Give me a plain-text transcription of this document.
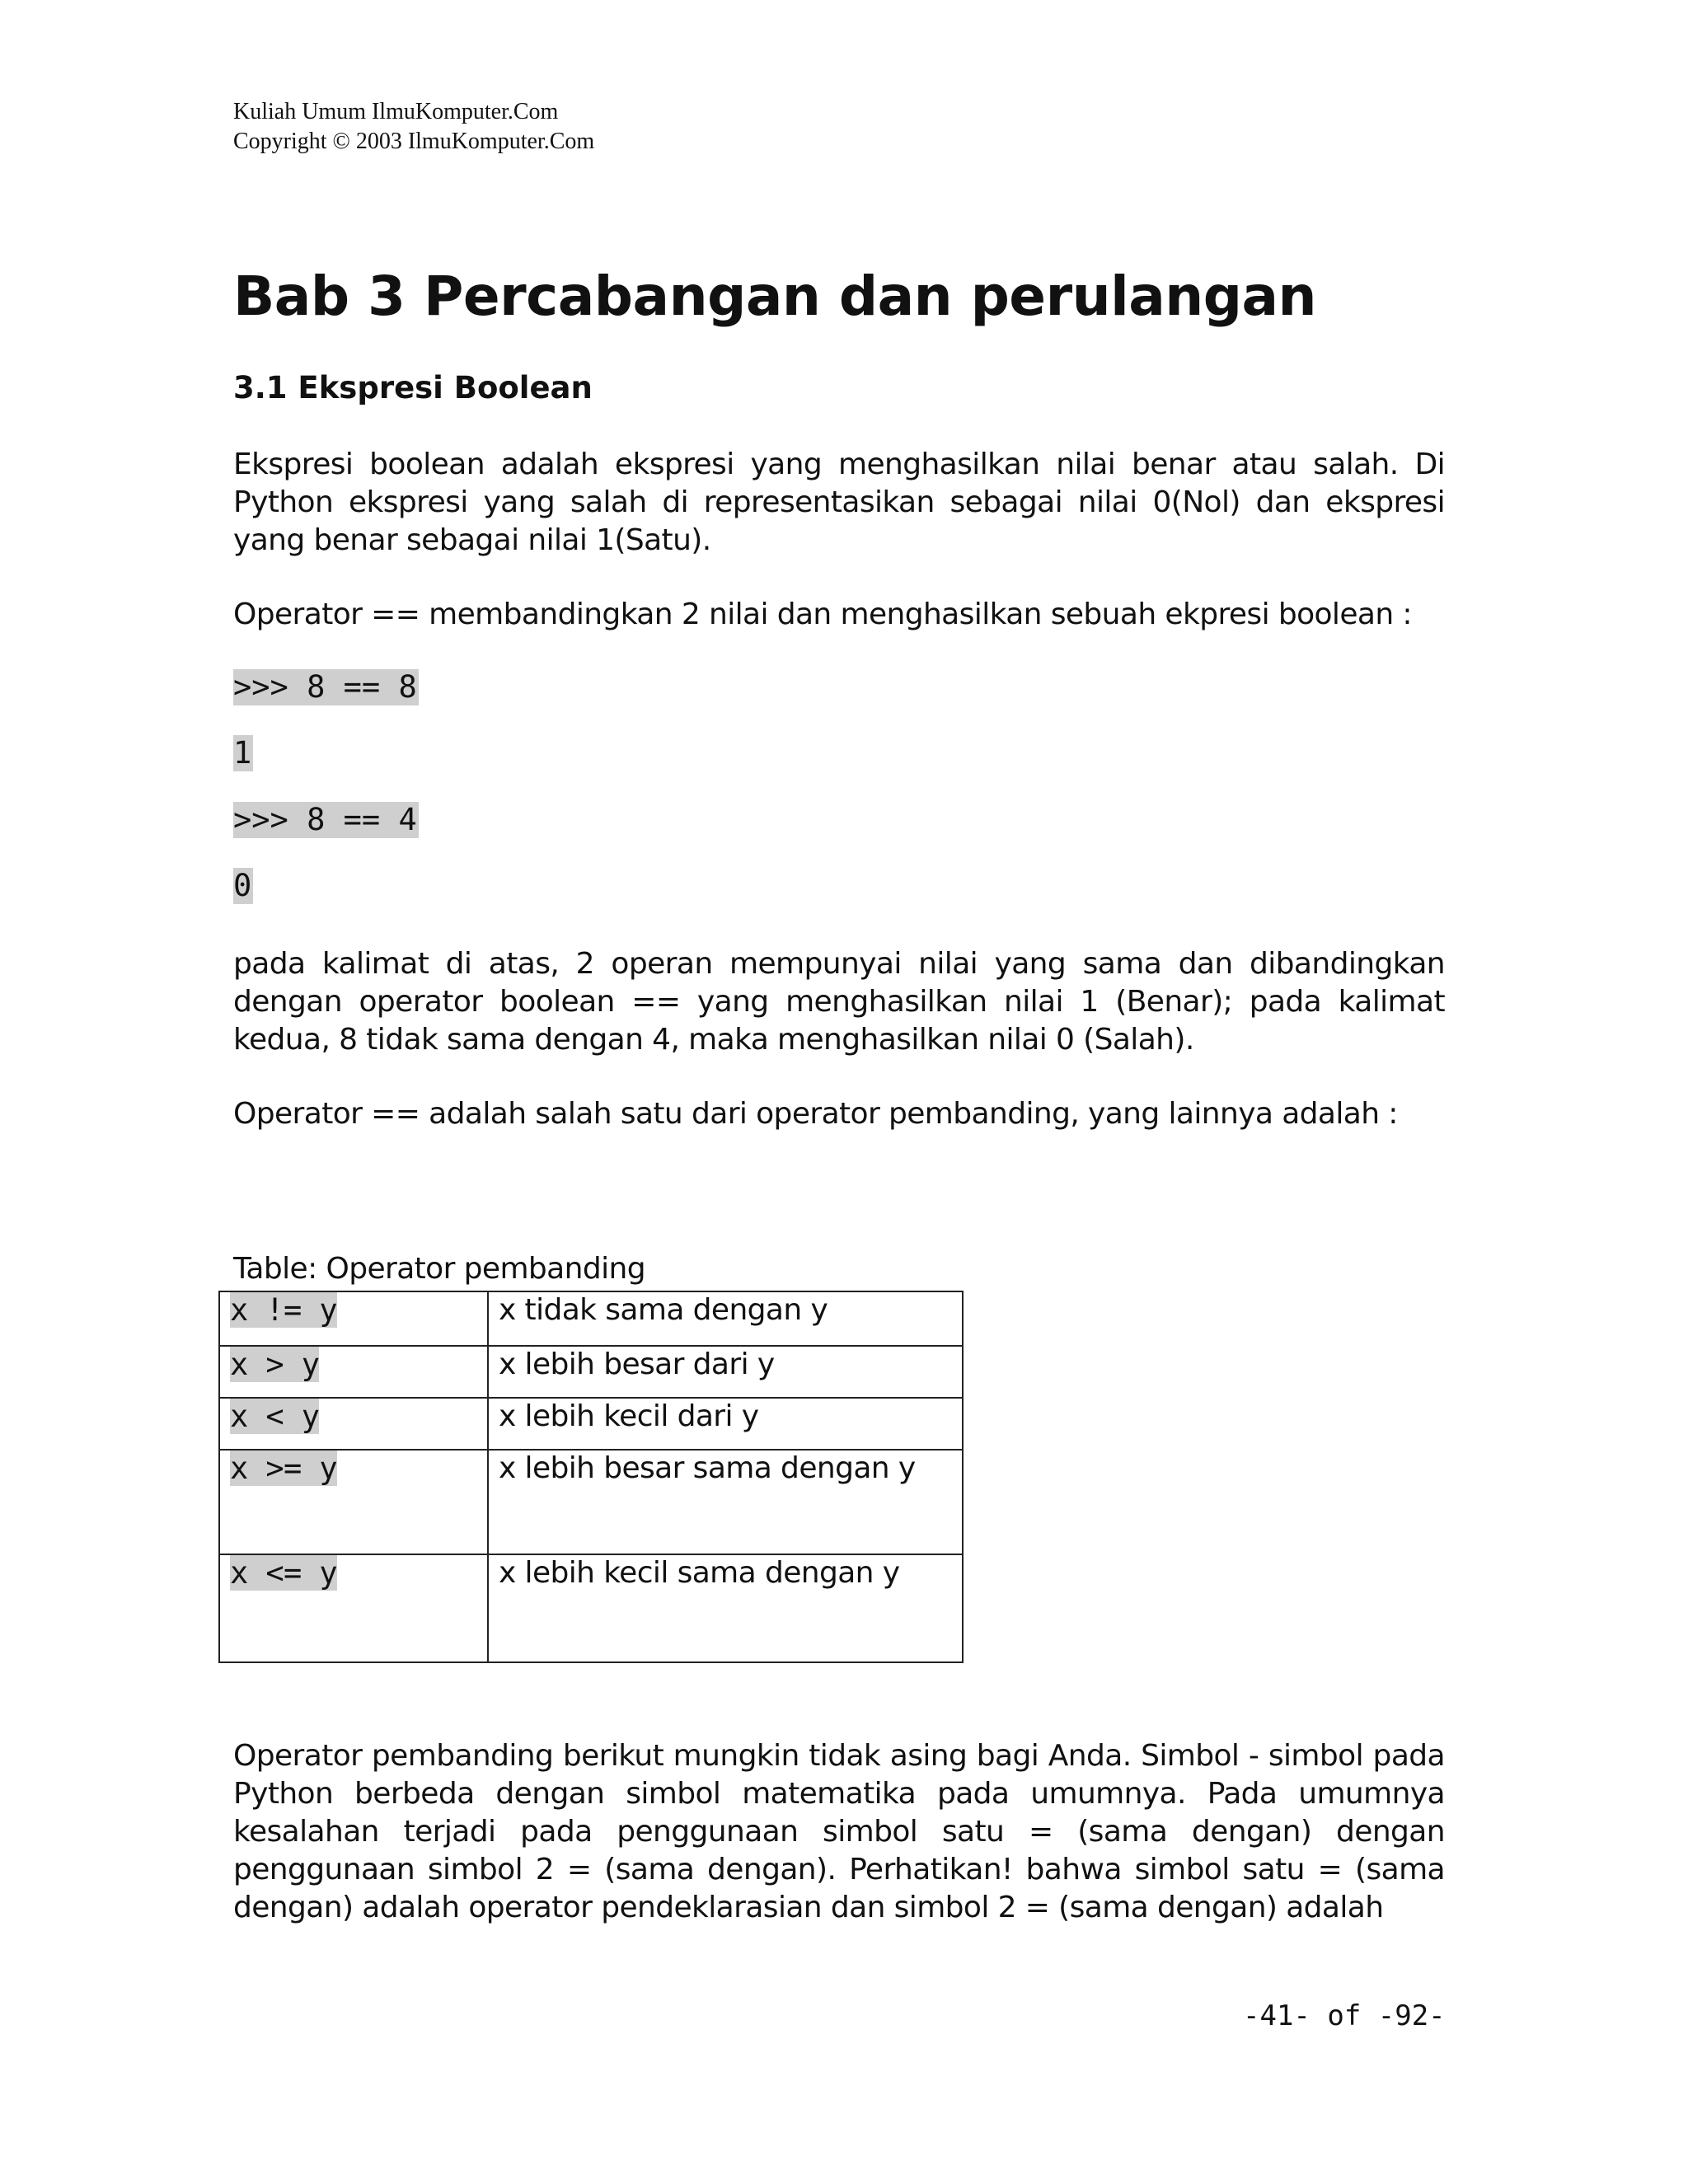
Kuliah Umum IlmuKomputer.Com
Copyright © 2003 IlmuKomputer.Com
Bab 3 Percabangan dan perulangan
3.1 Ekspresi Boolean

Ekspresi boolean adalah ekspresi yang menghasilkan nilai benar atau salah. Di Python ekspresi yang salah di representasikan sebagai nilai 0(Nol) dan ekspresi yang benar sebagai nilai 1(Satu).

Operator == membandingkan 2 nilai dan menghasilkan sebuah ekpresi boolean :

>>> 8 == 8
1
>>> 8 == 4
0

pada kalimat di atas, 2 operan mempunyai nilai yang sama dan dibandingkan dengan operator boolean == yang menghasilkan nilai 1 (Benar); pada kalimat kedua, 8 tidak sama dengan 4, maka menghasilkan nilai 0 (Salah).

Operator == adalah salah satu dari operator pembanding, yang lainnya adalah :

Table: Operator pembanding
x != y	x tidak sama dengan y
x > y	x lebih besar dari y
x < y	x lebih kecil dari y
x >= y	x lebih besar sama dengan y
x <= y	x lebih kecil sama dengan y

Operator pembanding berikut mungkin tidak asing bagi Anda. Simbol - simbol pada Python berbeda dengan simbol matematika pada umumnya. Pada umumnya kesalahan terjadi pada penggunaan simbol satu = (sama dengan) dengan penggunaan simbol 2 = (sama dengan). Perhatikan! bahwa simbol satu = (sama dengan) adalah operator pendeklarasian dan simbol 2 = (sama dengan) adalah

-41- of -92-
